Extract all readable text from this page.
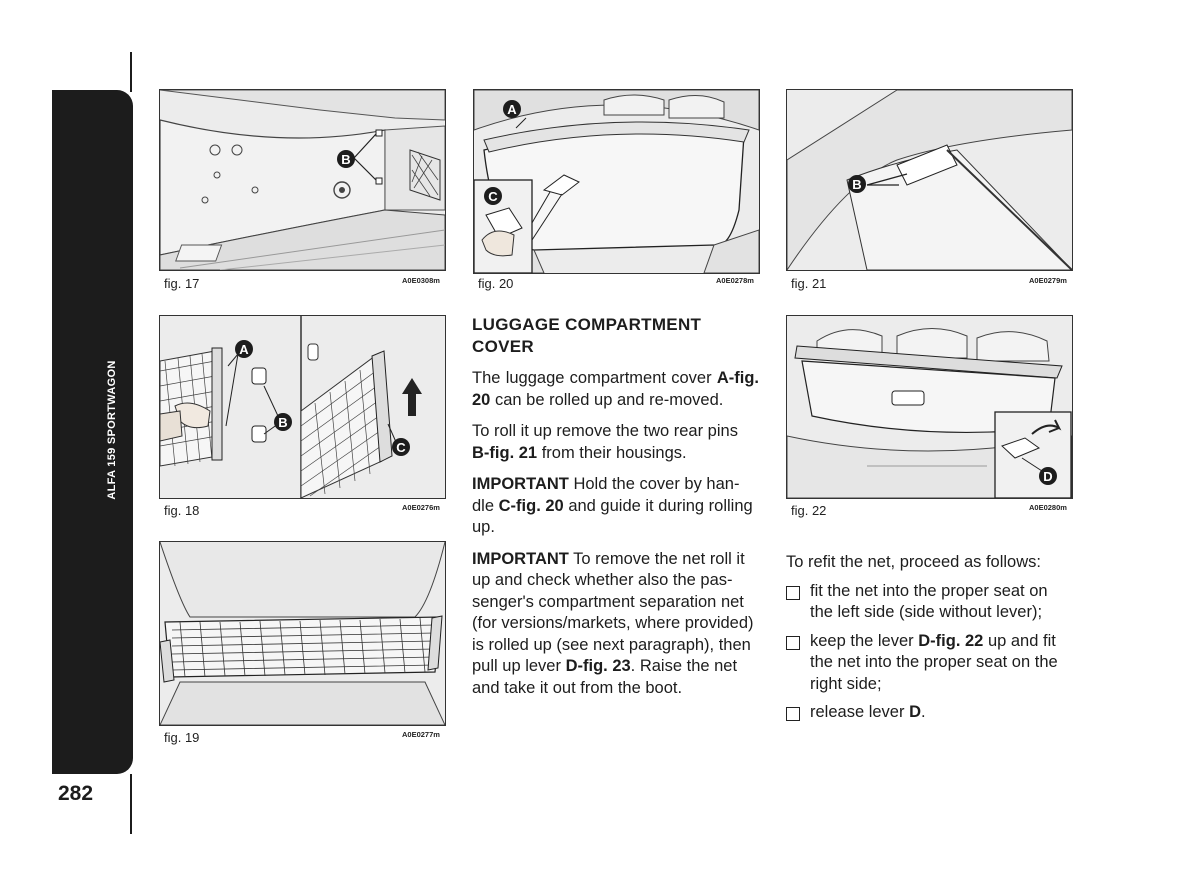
ALFA 159 SPORTWAGON
282
B
fig. 17	A0E0308m
A
B
C
fig. 18	A0E0276m
fig. 19	A0E0277m
A
C
fig. 20	A0E0278m
B
fig. 21	A0E0279m
D
fig. 22	A0E0280m
LUGGAGE COMPARTMENT
COVER

The luggage compartment cover A-fig. 20 can be rolled up and re-moved.

To roll it up remove the two rear pins B-fig. 21 from their housings.

IMPORTANT Hold the cover by han-dle C-fig. 20 and guide it during rolling up.

IMPORTANT To remove the net roll it up and check whether also the pas-senger's compartment separation net (for versions/markets, where provided) is rolled up (see next paragraph), then pull up lever D-fig. 23. Raise the net and take it out from the boot.

To refit the net, proceed as follows:

fit the net into the proper seat on the left side (side without lever);
keep the lever D-fig. 22 up and fit the net into the proper seat on the right side;
release lever D.
